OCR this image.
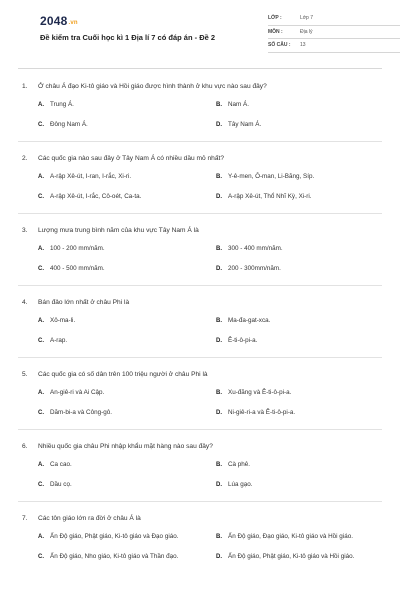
2048.vn
Đề kiểm tra Cuối học kì 1 Địa lí 7 có đáp án - Đề 2
LỚP :	Lớp 7
MÔN :	Địa lý
SỐ CÂU :	13
1.	Ở châu Á đạo Ki-tô giáo và Hồi giáo được hình thành ở khu vực nào sau đây?
A. Trung Á.	B. Nam Á.
C. Đông Nam Á.	D. Tây Nam Á.
2.	Các quốc gia nào sau đây ở Tây Nam Á có nhiều dầu mỏ nhất?
A. A-rập Xê-út, I-ran, I-rắc, Xi-ri.	B. Y-ê-men, Ô-man, Li-Băng, Síp.
C. A-rập Xê-út, I-rắc, Cô-oét, Ca-ta.	D. A-rập Xê-út, Thổ Nhĩ Kỳ, Xi-ri.
3.	Lượng mưa trung bình năm của khu vực Tây Nam Á là
A. 100 - 200 mm/năm.	B. 300 - 400 mm/năm.
C. 400 - 500 mm/năm.	D. 200 - 300mm/năm.
4.	Bán đảo lớn nhất ở châu Phi là
A. Xô-ma-li.	B. Ma-đa-gat-xca.
C. A-rap.	D. Ê-ti-ô-pi-a.
5.	Các quốc gia có số dân trên 100 triệu người ở châu Phi là
A. An-giê-ri và Ai Cập.	B. Xu-đăng và Ê-ti-ô-pi-a.
C. Dăm-bi-a và Công-gô.	D. Ni-giê-ri-a và Ê-ti-ô-pi-a.
6.	Nhiều quốc gia châu Phi nhập khẩu mặt hàng nào sau đây?
A. Ca cao.	B. Cà phê.
C. Dầu cọ.	D. Lúa gạo.
7.	Các tôn giáo lớn ra đời ở châu Á là
A. Ấn Độ giáo, Phật giáo, Ki-tô giáo và Đạo giáo.	B. Ấn Độ giáo, Đạo giáo, Ki-tô giáo và Hồi giáo.
C. Ấn Độ giáo, Nho giáo, Ki-tô giáo và Thần đạo.	D. Ấn Độ giáo, Phật giáo, Ki-tô giáo và Hồi giáo.
